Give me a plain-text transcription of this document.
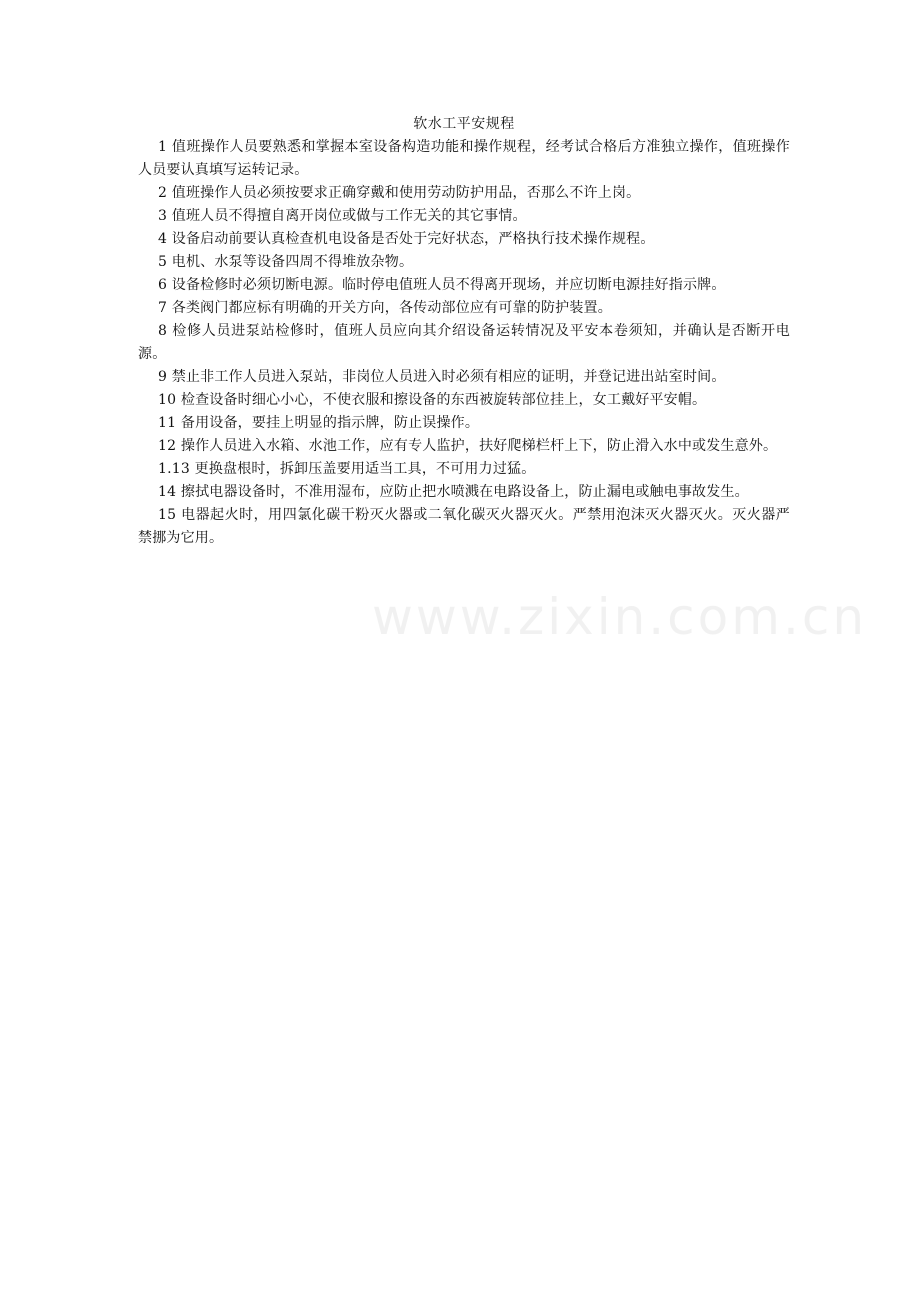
软水工平安规程

1 值班操作人员要熟悉和掌握本室设备构造功能和操作规程，经考试合格后方准独立操作，值班操作人员要认真填写运转记录。

2 值班操作人员必须按要求正确穿戴和使用劳动防护用品，否那么不许上岗。

3 值班人员不得擅自离开岗位或做与工作无关的其它事情。

4 设备启动前要认真检查机电设备是否处于完好状态，严格执行技术操作规程。

5 电机、水泵等设备四周不得堆放杂物。

6 设备检修时必须切断电源。临时停电值班人员不得离开现场，并应切断电源挂好指示牌。

7 各类阀门都应标有明确的开关方向，各传动部位应有可靠的防护装置。

8 检修人员进泵站检修时，值班人员应向其介绍设备运转情况及平安本卷须知，并确认是否断开电源。

9 禁止非工作人员进入泵站，非岗位人员进入时必须有相应的证明，并登记进出站室时间。

10 检查设备时细心小心，不使衣服和擦设备的东西被旋转部位挂上，女工戴好平安帽。

11 备用设备，要挂上明显的指示牌，防止误操作。

12 操作人员进入水箱、水池工作，应有专人监护，扶好爬梯栏杆上下，防止滑入水中或发生意外。

1.13 更换盘根时，拆卸压盖要用适当工具，不可用力过猛。

14 擦拭电器设备时，不准用湿布，应防止把水喷溅在电路设备上，防止漏电或触电事故发生。

15 电器起火时，用四氯化碳干粉灭火器或二氧化碳灭火器灭火。严禁用泡沫灭火器灭火。灭火器严禁挪为它用。

www.zixin.com.cn
